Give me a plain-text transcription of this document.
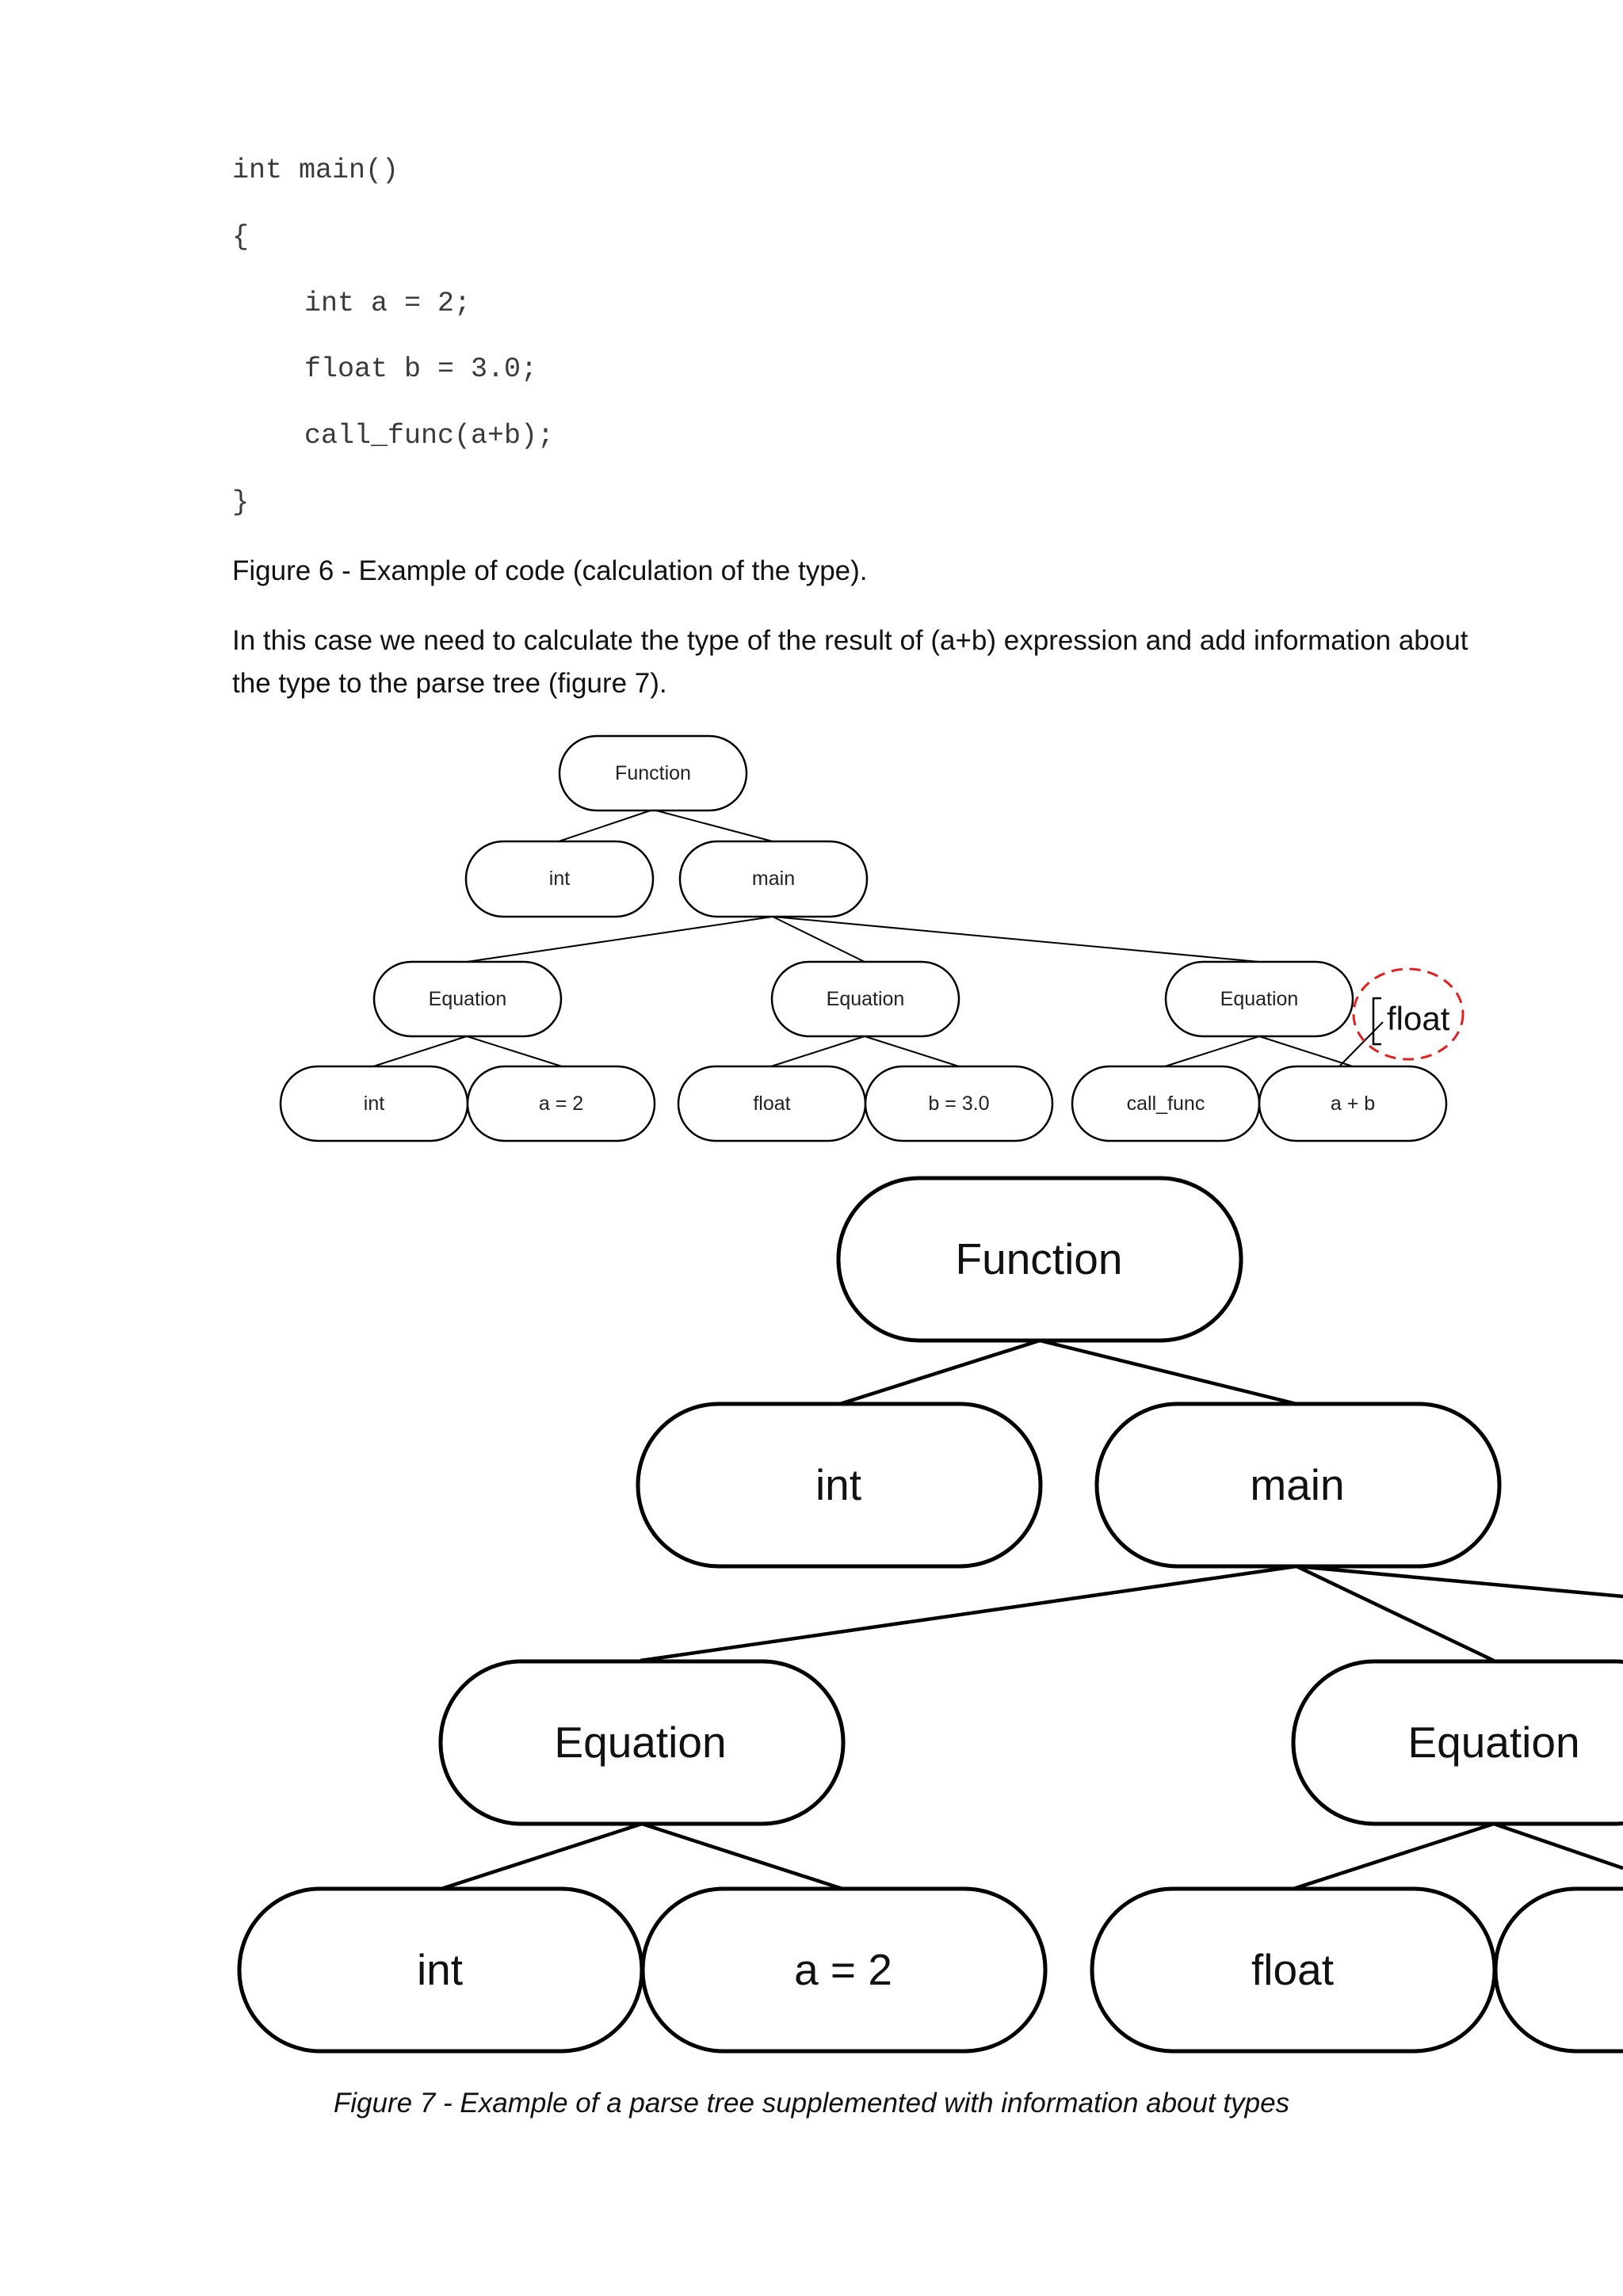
int main()
{
int a = 2;
float b = 3.0;
call_func(a+b);
}
Figure 6 - Example of code (calculation of the type).
In this case we need to calculate the type of the result of (a+b) expression and add information about the type to the parse tree (figure 7).
Function
int	main
Equation	Equation	Equation
int	a = 2	float	b = 3.0	call_func	a + b
float
Function
int	main
Equation	Equation
int	a = 2	float
Figure 7 - Example of a parse tree supplemented with information about types
